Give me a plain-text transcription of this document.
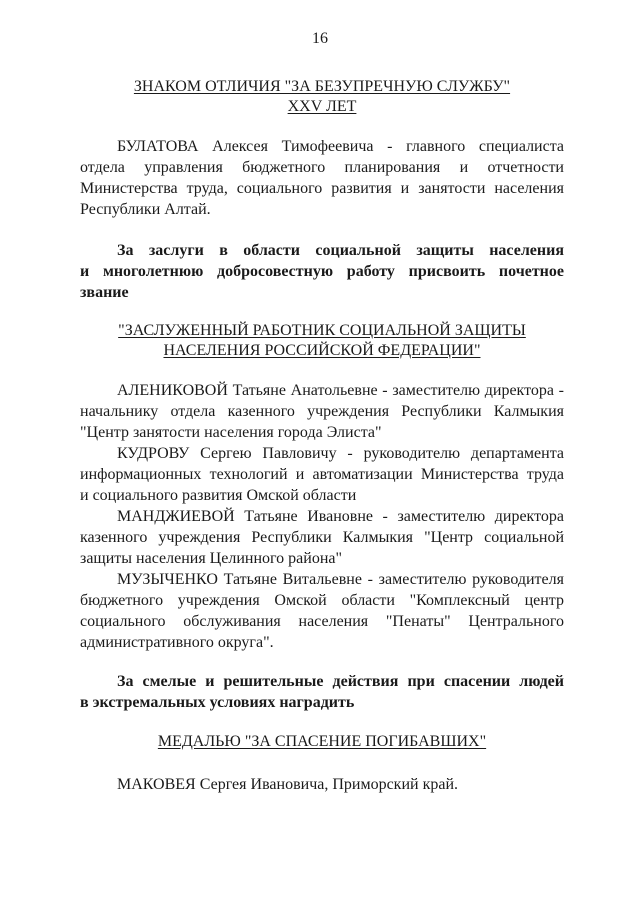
16
ЗНАКОМ ОТЛИЧИЯ "ЗА БЕЗУПРЕЧНУЮ СЛУЖБУ"
XXV ЛЕТ
БУЛАТОВА Алексея Тимофеевича - главного специалиста
отдела управления бюджетного планирования и отчетности
Министерства труда, социального развития и занятости населения
Республики Алтай.
За заслуги в области социальной защиты населения
и многолетнюю добросовестную работу присвоить почетное
звание
"ЗАСЛУЖЕННЫЙ РАБОТНИК СОЦИАЛЬНОЙ ЗАЩИТЫ
НАСЕЛЕНИЯ РОССИЙСКОЙ ФЕДЕРАЦИИ"
АЛЕНИКОВОЙ Татьяне Анатольевне - заместителю директора -
начальнику отдела казенного учреждения Республики Калмыкия
"Центр занятости населения города Элиста"
КУДРОВУ Сергею Павловичу - руководителю департамента
информационных технологий и автоматизации Министерства труда
и социального развития Омской области
МАНДЖИЕВОЙ Татьяне Ивановне - заместителю директора
казенного учреждения Республики Калмыкия "Центр социальной
защиты населения Целинного района"
МУЗЫЧЕНКО Татьяне Витальевне - заместителю руководителя
бюджетного учреждения Омской области "Комплексный центр
социального обслуживания населения "Пенаты" Центрального
административного округа".
За смелые и решительные действия при спасении людей
в экстремальных условиях наградить
МЕДАЛЬЮ "ЗА СПАСЕНИЕ ПОГИБАВШИХ"
МАКОВЕЯ Сергея Ивановича, Приморский край.
